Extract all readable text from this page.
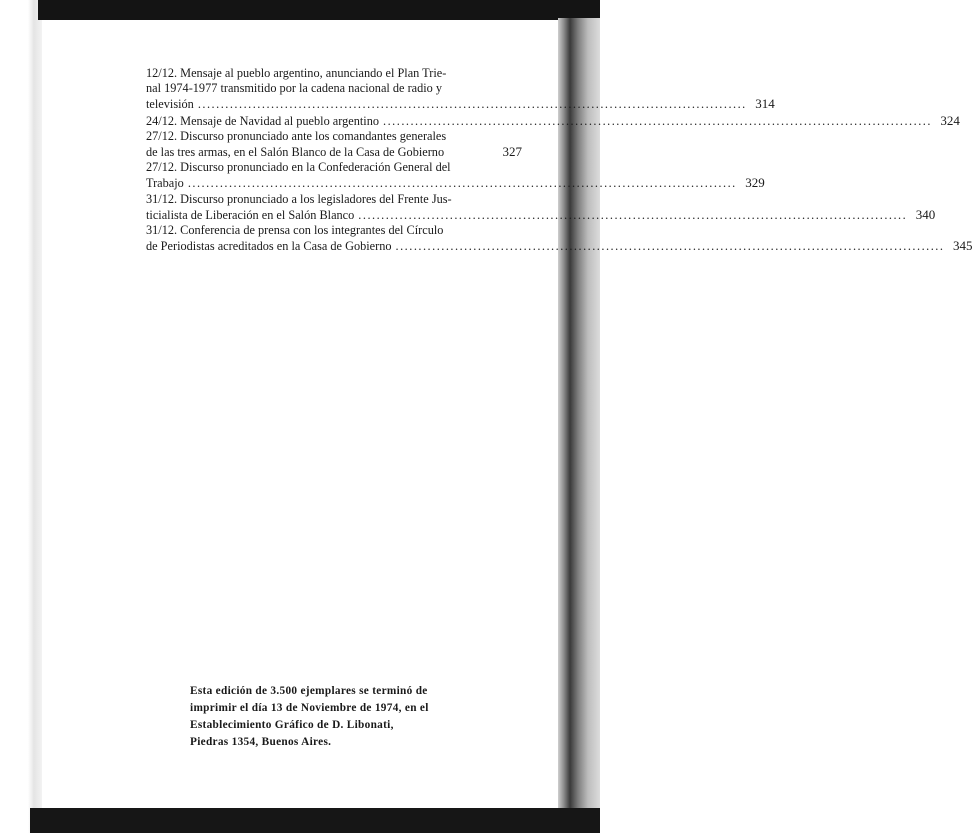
12/12. Mensaje al pueblo argentino, anunciando el Plan Trie-
nal 1974-1977 transmitido por la cadena nacional de radio y
televisión ........................................................................................................................ 314
24/12. Mensaje de Navidad al pueblo argentino ........................................................................................................................ 324
27/12. Discurso pronunciado ante los comandantes generales
de las tres armas, en el Salón Blanco de la Casa de Gobierno	327
27/12. Discurso pronunciado en la Confederación General del
Trabajo ........................................................................................................................ 329
31/12. Discurso pronunciado a los legisladores del Frente Jus-
ticialista de Liberación en el Salón Blanco ........................................................................................................................ 340
31/12. Conferencia de prensa con los integrantes del Círculo
de Periodistas acreditados en la Casa de Gobierno ........................................................................................................................ 345
Esta edición de 3.500 ejemplares se terminó de
imprimir el día 13 de Noviembre de 1974, en el
Establecimiento Gráfico de D. Libonati,
Piedras 1354, Buenos Aires.
